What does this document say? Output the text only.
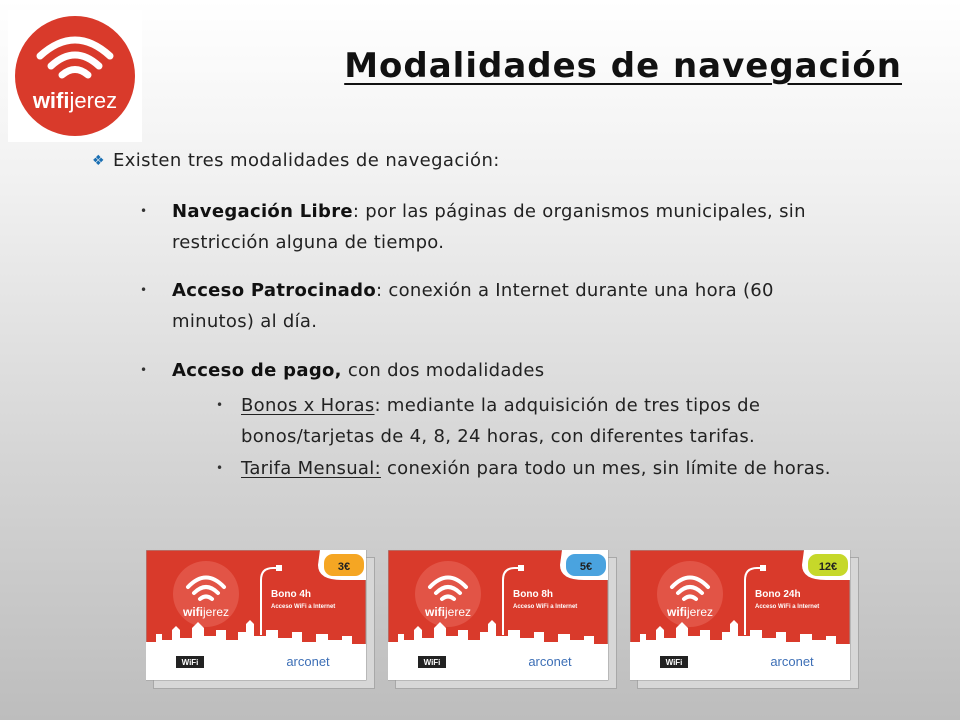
wifijerez
Modalidades de navegación
❖ Existen tres modalidades de navegación:
• Navegación Libre: por las páginas de organismos municipales, sin restricción alguna de tiempo.
• Acceso Patrocinado: conexión a Internet durante una hora (60 minutos) al día.
• Acceso de pago, con dos modalidades
• Bonos x Horas: mediante la adquisición de tres tipos de bonos/tarjetas de 4, 8, 24 horas, con diferentes tarifas.
• Tarifa Mensual: conexión para todo un mes, sin límite de horas.
wifijerez
3€
Bono 4h
Acceso WiFi a Internet
WiFi	arconet
wifijerez
5€
Bono 8h
Acceso WiFi a Internet
WiFi	arconet
wifijerez
12€
Bono 24h
Acceso WiFi a Internet
WiFi	arconet
